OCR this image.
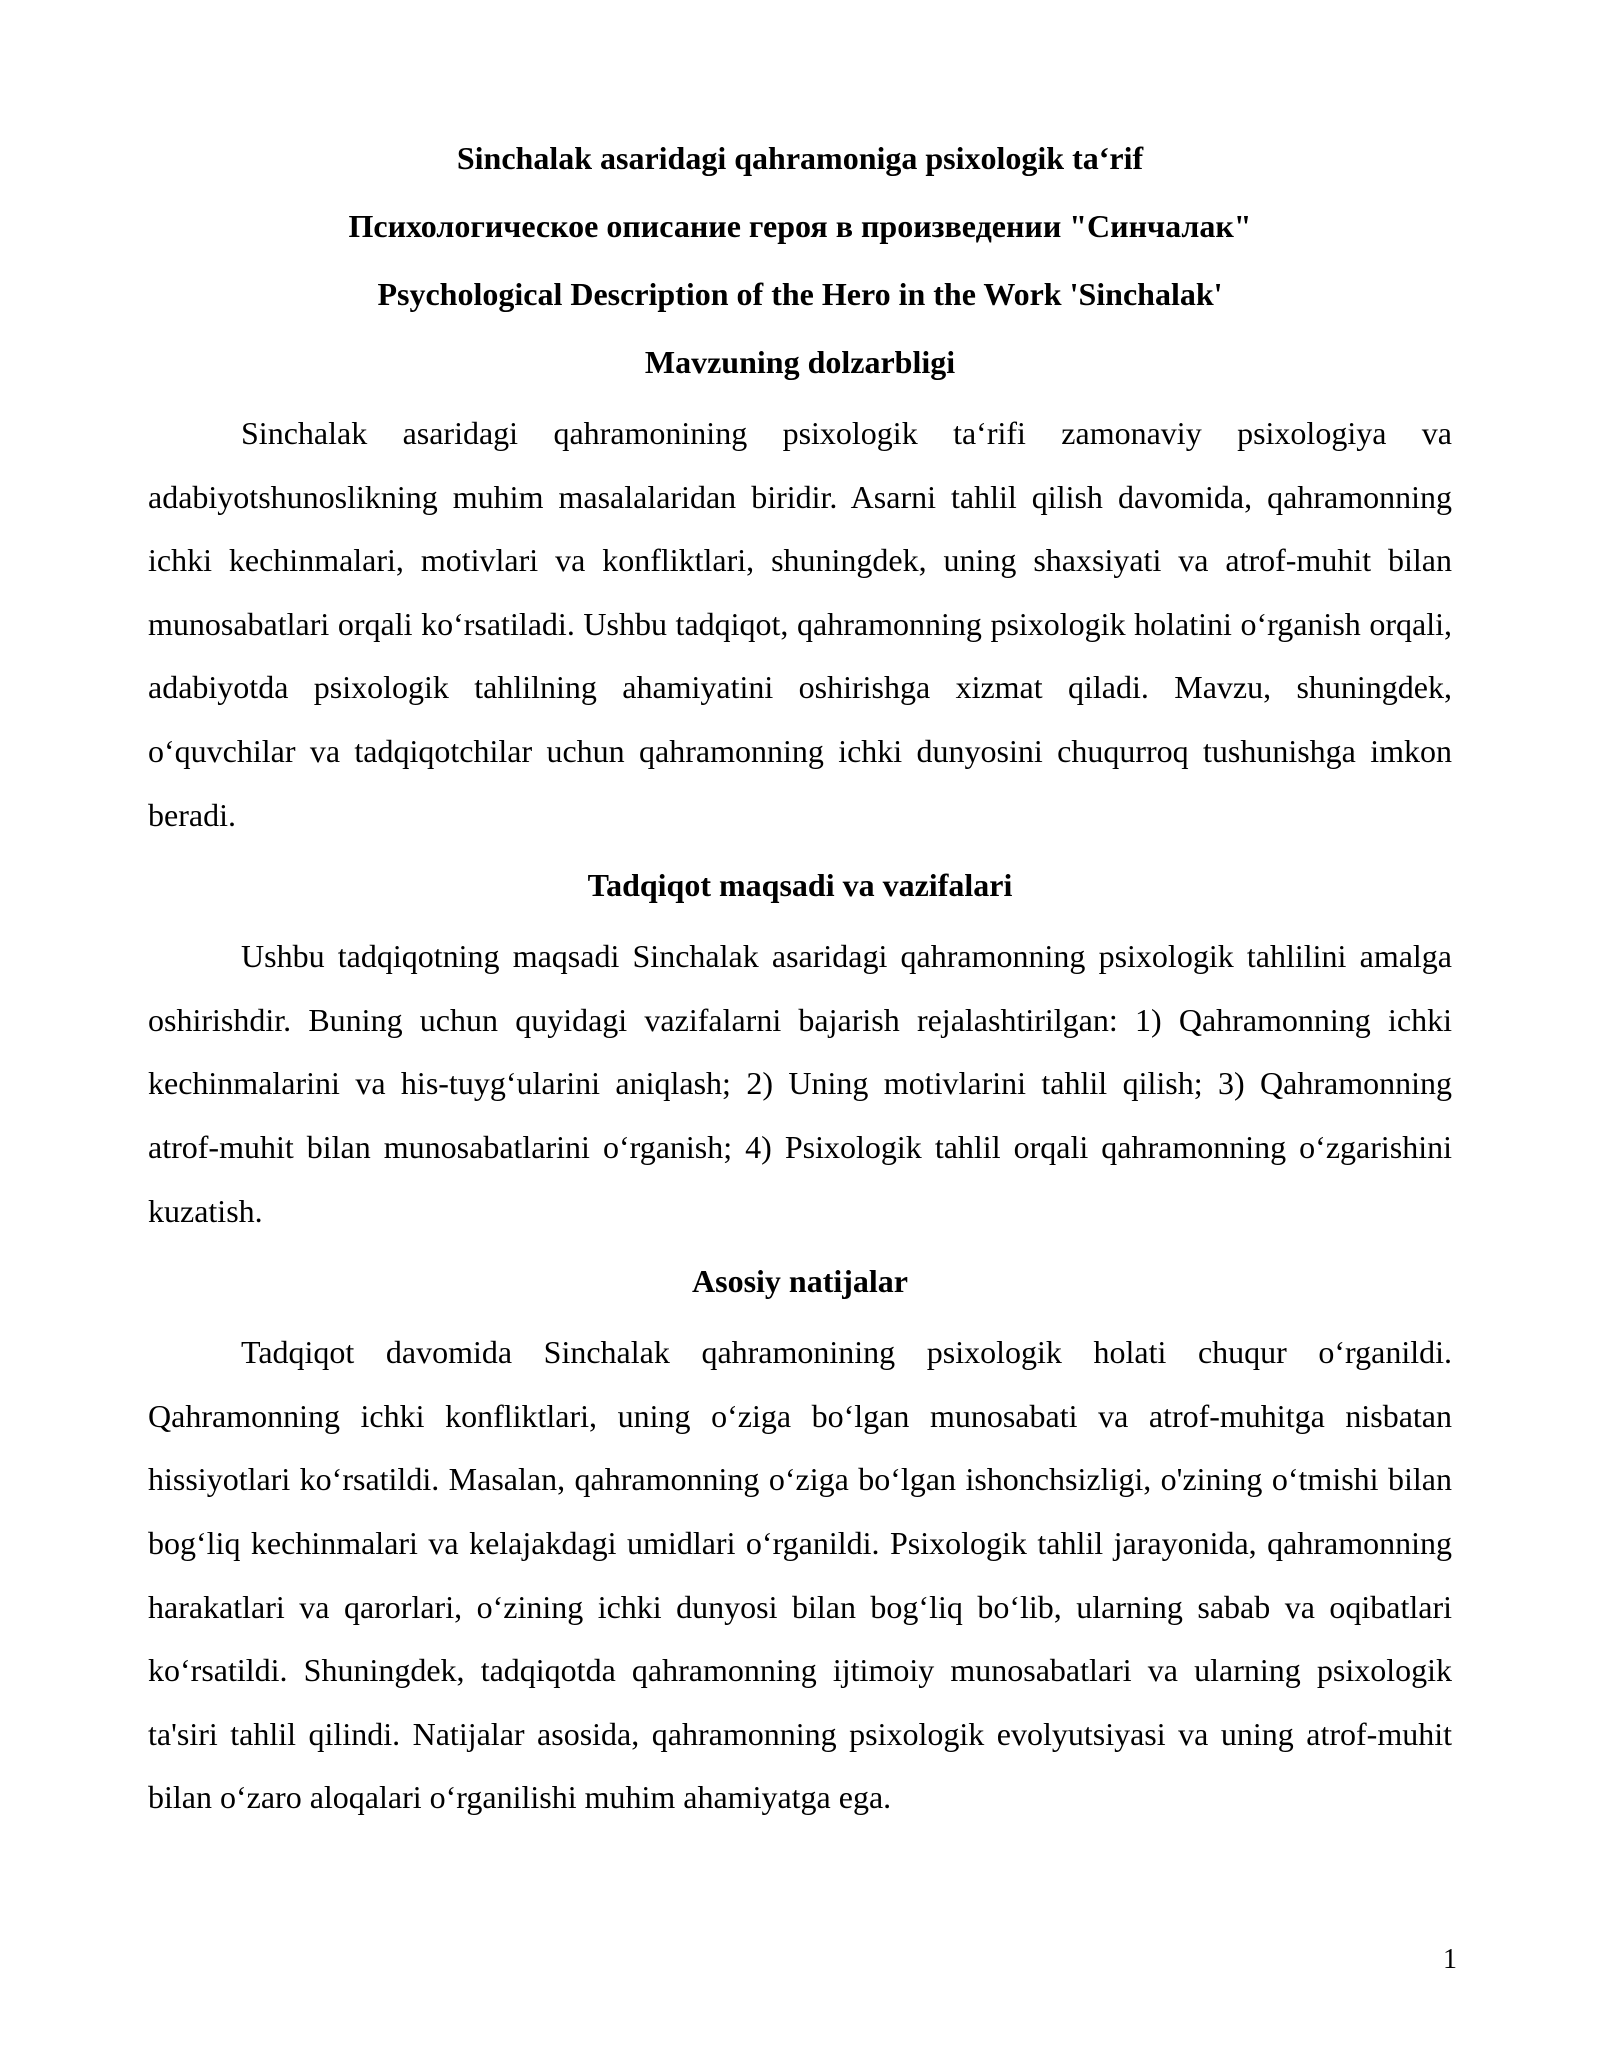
Sinchalak asaridagi qahramoniga psixologik ta‘rif
Психологическое описание героя в произведении "Синчалак"
Psychological Description of the Hero in the Work 'Sinchalak'
Mavzuning dolzarbligi

Sinchalak asaridagi qahramonining psixologik ta‘rifi zamonaviy psixologiya va adabiyotshunoslikning muhim masalalaridan biridir. Asarni tahlil qilish davomida, qahramonning ichki kechinmalari, motivlari va konfliktlari, shuningdek, uning shaxsiyati va atrof-muhit bilan munosabatlari orqali ko‘rsatiladi. Ushbu tadqiqot, qahramonning psixologik holatini o‘rganish orqali, adabiyotda psixologik tahlilning ahamiyatini oshirishga xizmat qiladi. Mavzu, shuningdek, o‘quvchilar va tadqiqotchilar uchun qahramonning ichki dunyosini chuqurroq tushunishga imkon beradi.

Tadqiqot maqsadi va vazifalari

Ushbu tadqiqotning maqsadi Sinchalak asaridagi qahramonning psixologik tahlilini amalga oshirishdir. Buning uchun quyidagi vazifalarni bajarish rejalashtirilgan: 1) Qahramonning ichki kechinmalarini va his-tuyg‘ularini aniqlash; 2) Uning motivlarini tahlil qilish; 3) Qahramonning atrof-muhit bilan munosabatlarini o‘rganish; 4) Psixologik tahlil orqali qahramonning o‘zgarishini kuzatish.

Asosiy natijalar

Tadqiqot davomida Sinchalak qahramonining psixologik holati chuqur o‘rganildi. Qahramonning ichki konfliktlari, uning o‘ziga bo‘lgan munosabati va atrof-muhitga nisbatan hissiyotlari ko‘rsatildi. Masalan, qahramonning o‘ziga bo‘lgan ishonchsizligi, o'zining o‘tmishi bilan bog‘liq kechinmalari va kelajakdagi umidlari o‘rganildi. Psixologik tahlil jarayonida, qahramonning harakatlari va qarorlari, o‘zining ichki dunyosi bilan bog‘liq bo‘lib, ularning sabab va oqibatlari ko‘rsatildi. Shuningdek, tadqiqotda qahramonning ijtimoiy munosabatlari va ularning psixologik ta'siri tahlil qilindi. Natijalar asosida, qahramonning psixologik evolyutsiyasi va uning atrof-muhit bilan o‘zaro aloqalari o‘rganilishi muhim ahamiyatga ega.

1
